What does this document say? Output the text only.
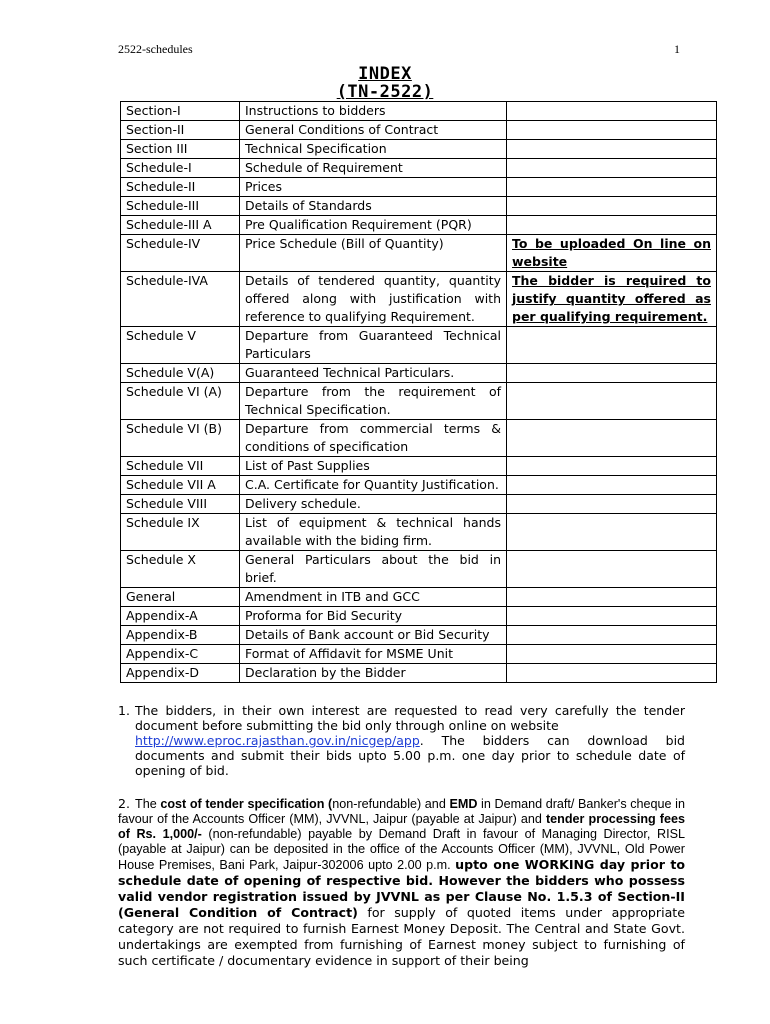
2522-schedules	1
INDEX
(TN-2522)
Section-I	Instructions to bidders	
Section-II	General Conditions of Contract	
Section III	Technical Specification	
Schedule-I	Schedule of Requirement	
Schedule-II	Prices	
Schedule-III	Details of Standards	
Schedule-III A	Pre Qualification Requirement (PQR)	
Schedule-IV	Price Schedule (Bill of Quantity)	To be uploaded On line on website
Schedule-IVA	Details of tendered quantity, quantity offered along with justification with reference to qualifying Requirement.	The bidder is required to justify quantity offered as per qualifying requirement.
Schedule V	Departure from Guaranteed Technical Particulars	
Schedule V(A)	Guaranteed Technical Particulars.	
Schedule VI (A)	Departure from the requirement of Technical Specification.	
Schedule VI (B)	Departure from commercial terms & conditions of specification	
Schedule VII	List of Past Supplies	
Schedule VII A	C.A. Certificate for Quantity Justification.	
Schedule VIII	Delivery schedule.	
Schedule IX	List of equipment & technical hands available with the biding firm.	
Schedule X	General Particulars about the bid in brief.	
General	Amendment in ITB and GCC	
Appendix-A	Proforma for Bid Security	
Appendix-B	Details of Bank account or Bid Security	
Appendix-C	Format of Affidavit for MSME Unit	
Appendix-D	Declaration by the Bidder	
1. The bidders, in their own interest are requested to read very carefully the tender
document before submitting the bid only through online on website
http://www.eproc.rajasthan.gov.in/nicgep/app. The bidders can download bid documents and submit their bids upto 5.00 p.m. one day prior to schedule date of opening of bid.
2. The cost of tender specification (non-refundable) and EMD in Demand draft/ Banker's cheque in favour of the Accounts Officer (MM), JVVNL, Jaipur (payable at Jaipur) and tender processing fees of Rs. 1,000/- (non-refundable) payable by Demand Draft in favour of Managing Director, RISL (payable at Jaipur) can be deposited in the office of the Accounts Officer (MM), JVVNL, Old Power House Premises, Bani Park, Jaipur-302006 upto 2.00 p.m. upto one WORKING day prior to schedule date of opening of respective bid. However the bidders who possess valid vendor registration issued by JVVNL as per Clause No. 1.5.3 of Section-II (General Condition of Contract) for supply of quoted items under appropriate category are not required to furnish Earnest Money Deposit. The Central and State Govt. undertakings are exempted from furnishing of Earnest money subject to furnishing of such certificate / documentary evidence in support of their being
